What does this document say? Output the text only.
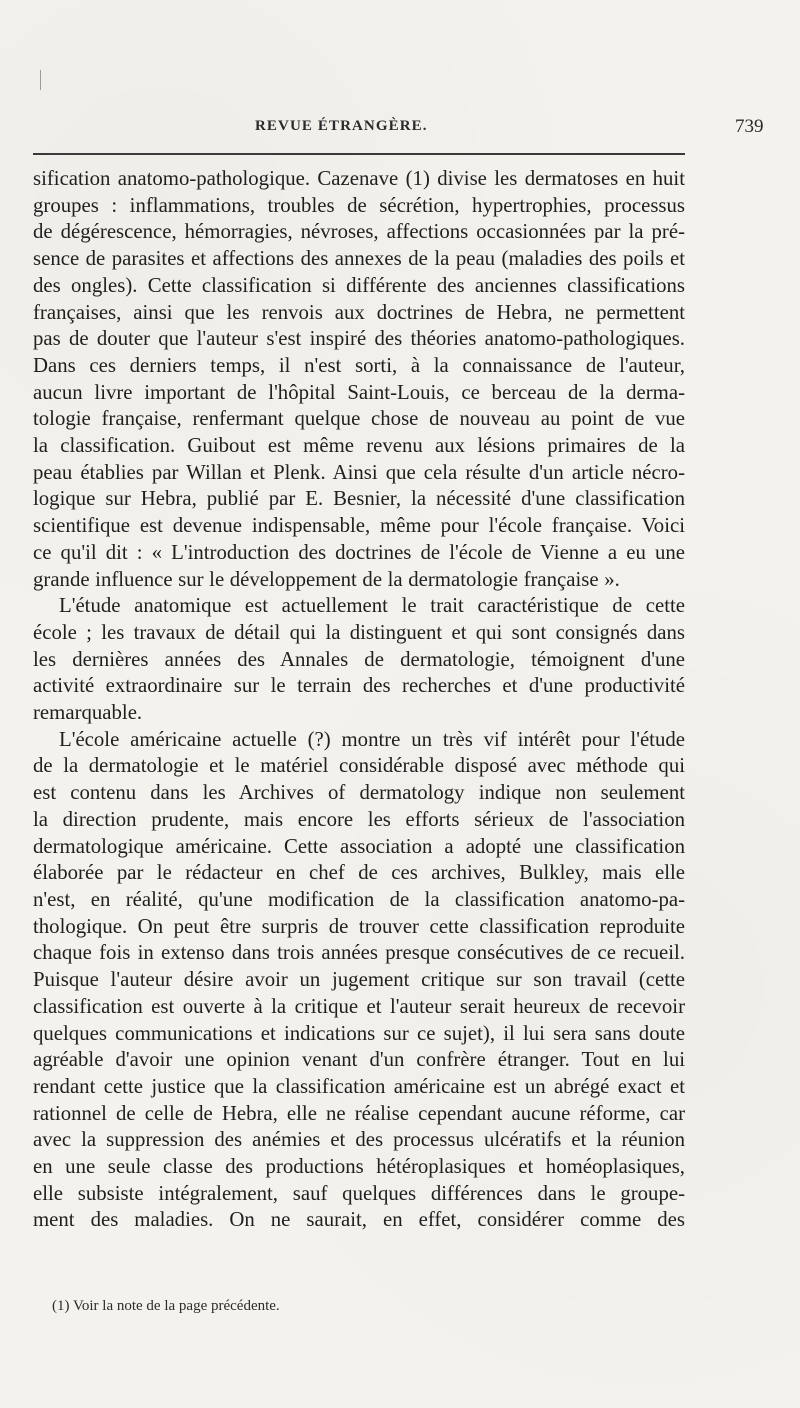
REVUE ÉTRANGÈRE.	739
sification anatomo-pathologique. Cazenave (1) divise les dermatoses en huit
groupes : inflammations, troubles de sécrétion, hypertrophies, processus
de dégérescence, hémorragies, névroses, affections occasionnées par la pré-
sence de parasites et affections des annexes de la peau (maladies des poils et
des ongles). Cette classification si différente des anciennes classifications
françaises, ainsi que les renvois aux doctrines de Hebra, ne permettent
pas de douter que l'auteur s'est inspiré des théories anatomo-pathologiques.
Dans ces derniers temps, il n'est sorti, à la connaissance de l'auteur,
aucun livre important de l'hôpital Saint-Louis, ce berceau de la derma-
tologie française, renfermant quelque chose de nouveau au point de vue
la classification. Guibout est même revenu aux lésions primaires de la
peau établies par Willan et Plenk. Ainsi que cela résulte d'un article nécro-
logique sur Hebra, publié par E. Besnier, la nécessité d'une classification
scientifique est devenue indispensable, même pour l'école française. Voici
ce qu'il dit : « L'introduction des doctrines de l'école de Vienne a eu une
grande influence sur le développement de la dermatologie française ».
L'étude anatomique est actuellement le trait caractéristique de cette
école ; les travaux de détail qui la distinguent et qui sont consignés dans
les dernières années des Annales de dermatologie, témoignent d'une
activité extraordinaire sur le terrain des recherches et d'une productivité
remarquable.
L'école américaine actuelle (?) montre un très vif intérêt pour l'étude
de la dermatologie et le matériel considérable disposé avec méthode qui
est contenu dans les Archives of dermatology indique non seulement
la direction prudente, mais encore les efforts sérieux de l'association
dermatologique américaine. Cette association a adopté une classification
élaborée par le rédacteur en chef de ces archives, Bulkley, mais elle
n'est, en réalité, qu'une modification de la classification anatomo-pa-
thologique. On peut être surpris de trouver cette classification reproduite
chaque fois in extenso dans trois années presque consécutives de ce recueil.
Puisque l'auteur désire avoir un jugement critique sur son travail (cette
classification est ouverte à la critique et l'auteur serait heureux de recevoir
quelques communications et indications sur ce sujet), il lui sera sans doute
agréable d'avoir une opinion venant d'un confrère étranger. Tout en lui
rendant cette justice que la classification américaine est un abrégé exact et
rationnel de celle de Hebra, elle ne réalise cependant aucune réforme, car
avec la suppression des anémies et des processus ulcératifs et la réunion
en une seule classe des productions hétéroplasiques et homéoplasiques,
elle subsiste intégralement, sauf quelques différences dans le groupe-
ment des maladies. On ne saurait, en effet, considérer comme des
(1) Voir la note de la page précédente.
